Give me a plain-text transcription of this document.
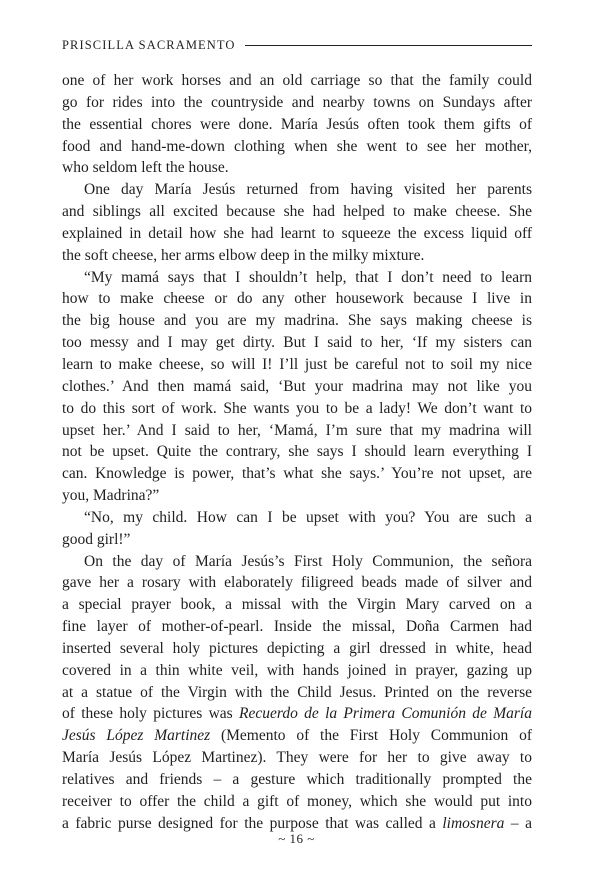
PRISCILLA SACRAMENTO
one of her work horses and an old carriage so that the family could
go for rides into the countryside and nearby towns on Sundays after
the essential chores were done. María Jesús often took them gifts of
food and hand-me-down clothing when she went to see her mother,
who seldom left the house.
One day María Jesús returned from having visited her parents
and siblings all excited because she had helped to make cheese. She
explained in detail how she had learnt to squeeze the excess liquid off
the soft cheese, her arms elbow deep in the milky mixture.
“My mamá says that I shouldn’t help, that I don’t need to learn
how to make cheese or do any other housework because I live in
the big house and you are my madrina. She says making cheese is
too messy and I may get dirty. But I said to her, ‘If my sisters can
learn to make cheese, so will I! I’ll just be careful not to soil my nice
clothes.’ And then mamá said, ‘But your madrina may not like you
to do this sort of work. She wants you to be a lady! We don’t want to
upset her.’ And I said to her, ‘Mamá, I’m sure that my madrina will
not be upset. Quite the contrary, she says I should learn everything I
can. Knowledge is power, that’s what she says.’ You’re not upset, are
you, Madrina?”
“No, my child. How can I be upset with you? You are such a
good girl!”
On the day of María Jesús’s First Holy Communion, the señora
gave her a rosary with elaborately filigreed beads made of silver and
a special prayer book, a missal with the Virgin Mary carved on a
fine layer of mother-of-pearl. Inside the missal, Doña Carmen had
inserted several holy pictures depicting a girl dressed in white, head
covered in a thin white veil, with hands joined in prayer, gazing up
at a statue of the Virgin with the Child Jesus. Printed on the reverse
of these holy pictures was Recuerdo de la Primera Comunión de María
Jesús López Martinez (Memento of the First Holy Communion of
María Jesús López Martinez). They were for her to give away to
relatives and friends – a gesture which traditionally prompted the
receiver to offer the child a gift of money, which she would put into
a fabric purse designed for the purpose that was called a limosnera – a
~ 16 ~
